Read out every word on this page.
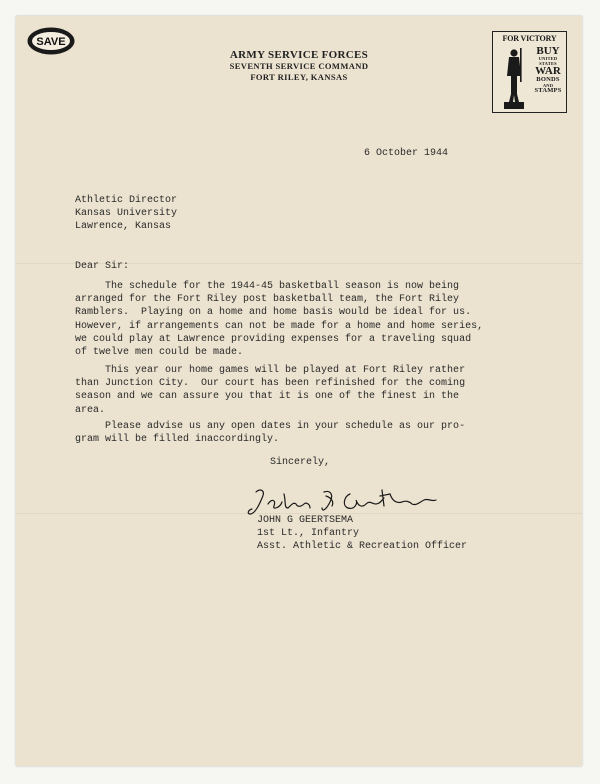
SAVE
ARMY SERVICE FORCES
SEVENTH SERVICE COMMAND
FORT RILEY, KANSAS
FOR VICTORY
BUY
UNITED STATES
WAR
BONDS
AND
STAMPS
6 October 1944
Athletic Director
Kansas University
Lawrence, Kansas
Dear Sir:
The schedule for the 1944-45 basketball season is now being
arranged for the Fort Riley post basketball team, the Fort Riley
Ramblers.  Playing on a home and home basis would be ideal for us.
However, if arrangements can not be made for a home and home series,
we could play at Lawrence providing expenses for a traveling squad
of twelve men could be made.
This year our home games will be played at Fort Riley rather
than Junction City.  Our court has been refinished for the coming
season and we can assure you that it is one of the finest in the
area.
Please advise us any open dates in your schedule as our pro-
gram will be filled inaccordingly.
Sincerely,
JOHN G GEERTSEMA
1st Lt., Infantry
Asst. Athletic & Recreation Officer
